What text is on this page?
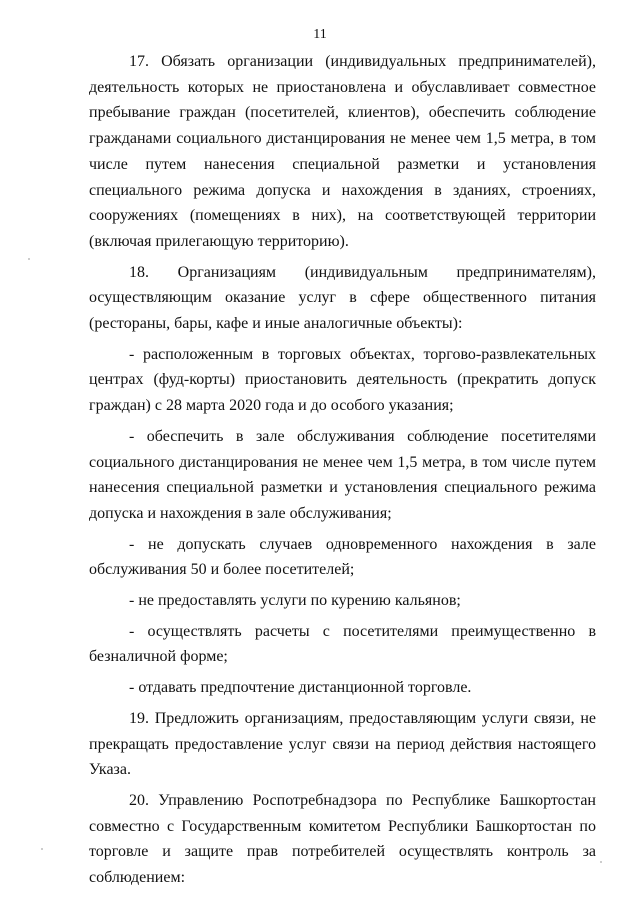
11

17. Обязать организации (индивидуальных предпринимателей), деятельность которых не приостановлена и обуславливает совместное пребывание граждан (посетителей, клиентов), обеспечить соблюдение гражданами социального дистанцирования не менее чем 1,5 метра, в том числе путем нанесения специальной разметки и установления специального режима допуска и нахождения в зданиях, строениях, сооружениях (помещениях в них), на соответствующей территории (включая прилегающую территорию).

18. Организациям (индивидуальным предпринимателям), осуществляющим оказание услуг в сфере общественного питания (рестораны, бары, кафе и иные аналогичные объекты):

- расположенным в торговых объектах, торгово-развлекательных центрах (фуд-корты) приостановить деятельность (прекратить допуск граждан) с 28 марта 2020 года и до особого указания;

- обеспечить в зале обслуживания соблюдение посетителями социального дистанцирования не менее чем 1,5 метра, в том числе путем нанесения специальной разметки и установления специального режима допуска и нахождения в зале обслуживания;

- не допускать случаев одновременного нахождения в зале обслуживания 50 и более посетителей;

- не предоставлять услуги по курению кальянов;

- осуществлять расчеты с посетителями преимущественно в безналичной форме;

- отдавать предпочтение дистанционной торговле.

19. Предложить организациям, предоставляющим услуги связи, не прекращать предоставление услуг связи на период действия настоящего Указа.

20. Управлению Роспотребнадзора по Республике Башкортостан совместно с Государственным комитетом Республики Башкортостан по торговле и защите прав потребителей осуществлять контроль за соблюдением:
